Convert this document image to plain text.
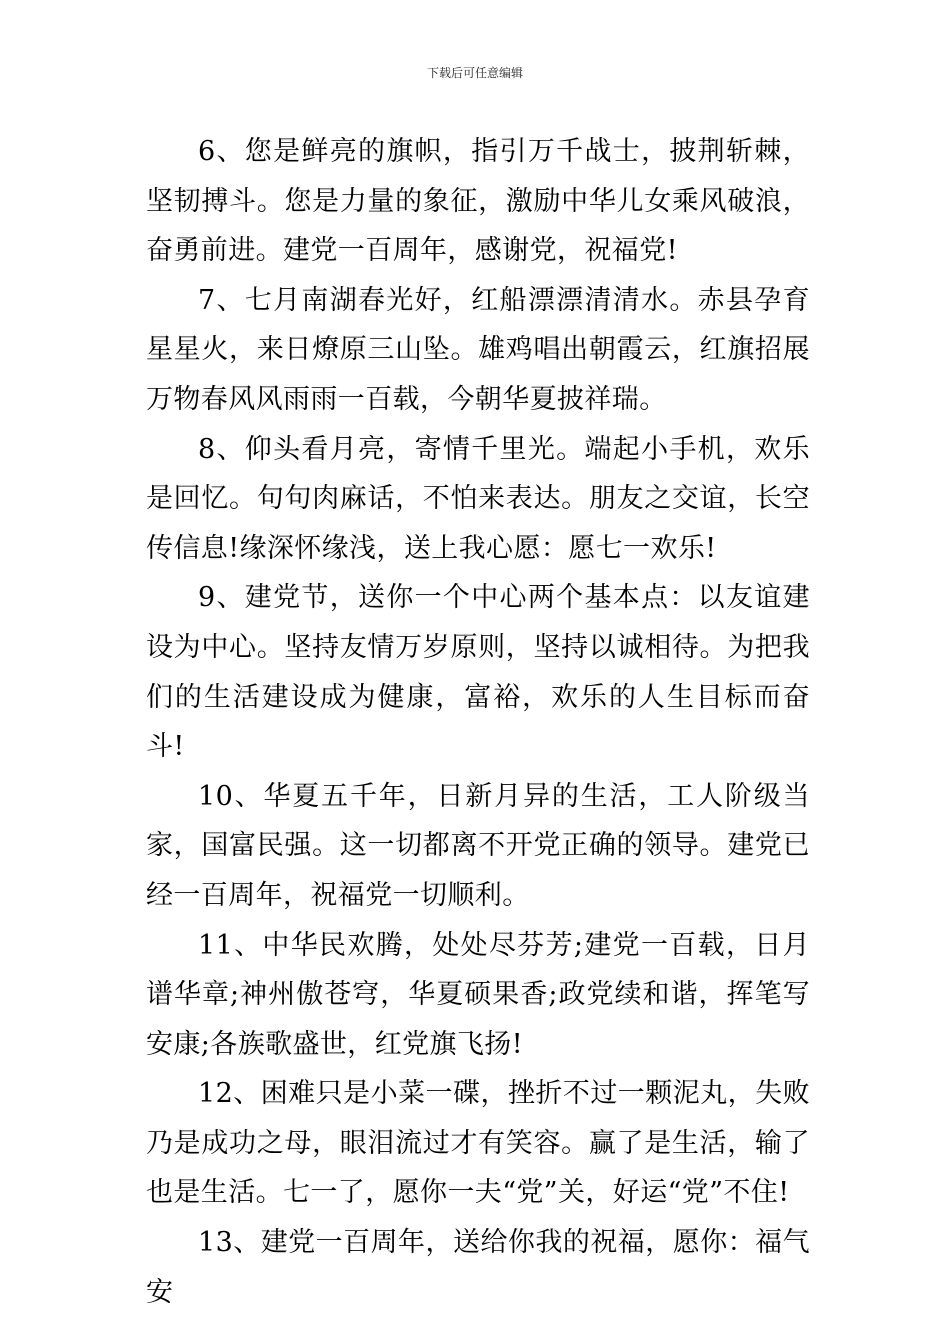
下载后可任意编辑

6、您是鲜亮的旗帜，指引万千战士，披荆斩棘，坚韧搏斗。您是力量的象征，激励中华儿女乘风破浪，奋勇前进。建党一百周年，感谢党，祝福党!

7、七月南湖春光好，红船漂漂清清水。赤县孕育星星火，来日燎原三山坠。雄鸡唱出朝霞云，红旗招展万物春风风雨雨一百载，今朝华夏披祥瑞。

8、仰头看月亮，寄情千里光。端起小手机，欢乐是回忆。句句肉麻话，不怕来表达。朋友之交谊，长空传信息!缘深怀缘浅，送上我心愿：愿七一欢乐!

9、建党节，送你一个中心两个基本点：以友谊建设为中心。坚持友情万岁原则，坚持以诚相待。为把我们的生活建设成为健康，富裕，欢乐的人生目标而奋斗!

10、华夏五千年，日新月异的生活，工人阶级当家，国富民强。这一切都离不开党正确的领导。建党已经一百周年，祝福党一切顺利。

11、中华民欢腾，处处尽芬芳;建党一百载，日月谱华章;神州傲苍穹，华夏硕果香;政党续和谐，挥笔写安康;各族歌盛世，红党旗飞扬!

12、困难只是小菜一碟，挫折不过一颗泥丸，失败乃是成功之母，眼泪流过才有笑容。赢了是生活，输了也是生活。七一了，愿你一夫“党”关，好运“党”不住!

13、建党一百周年，送给你我的祝福，愿你：福气安
